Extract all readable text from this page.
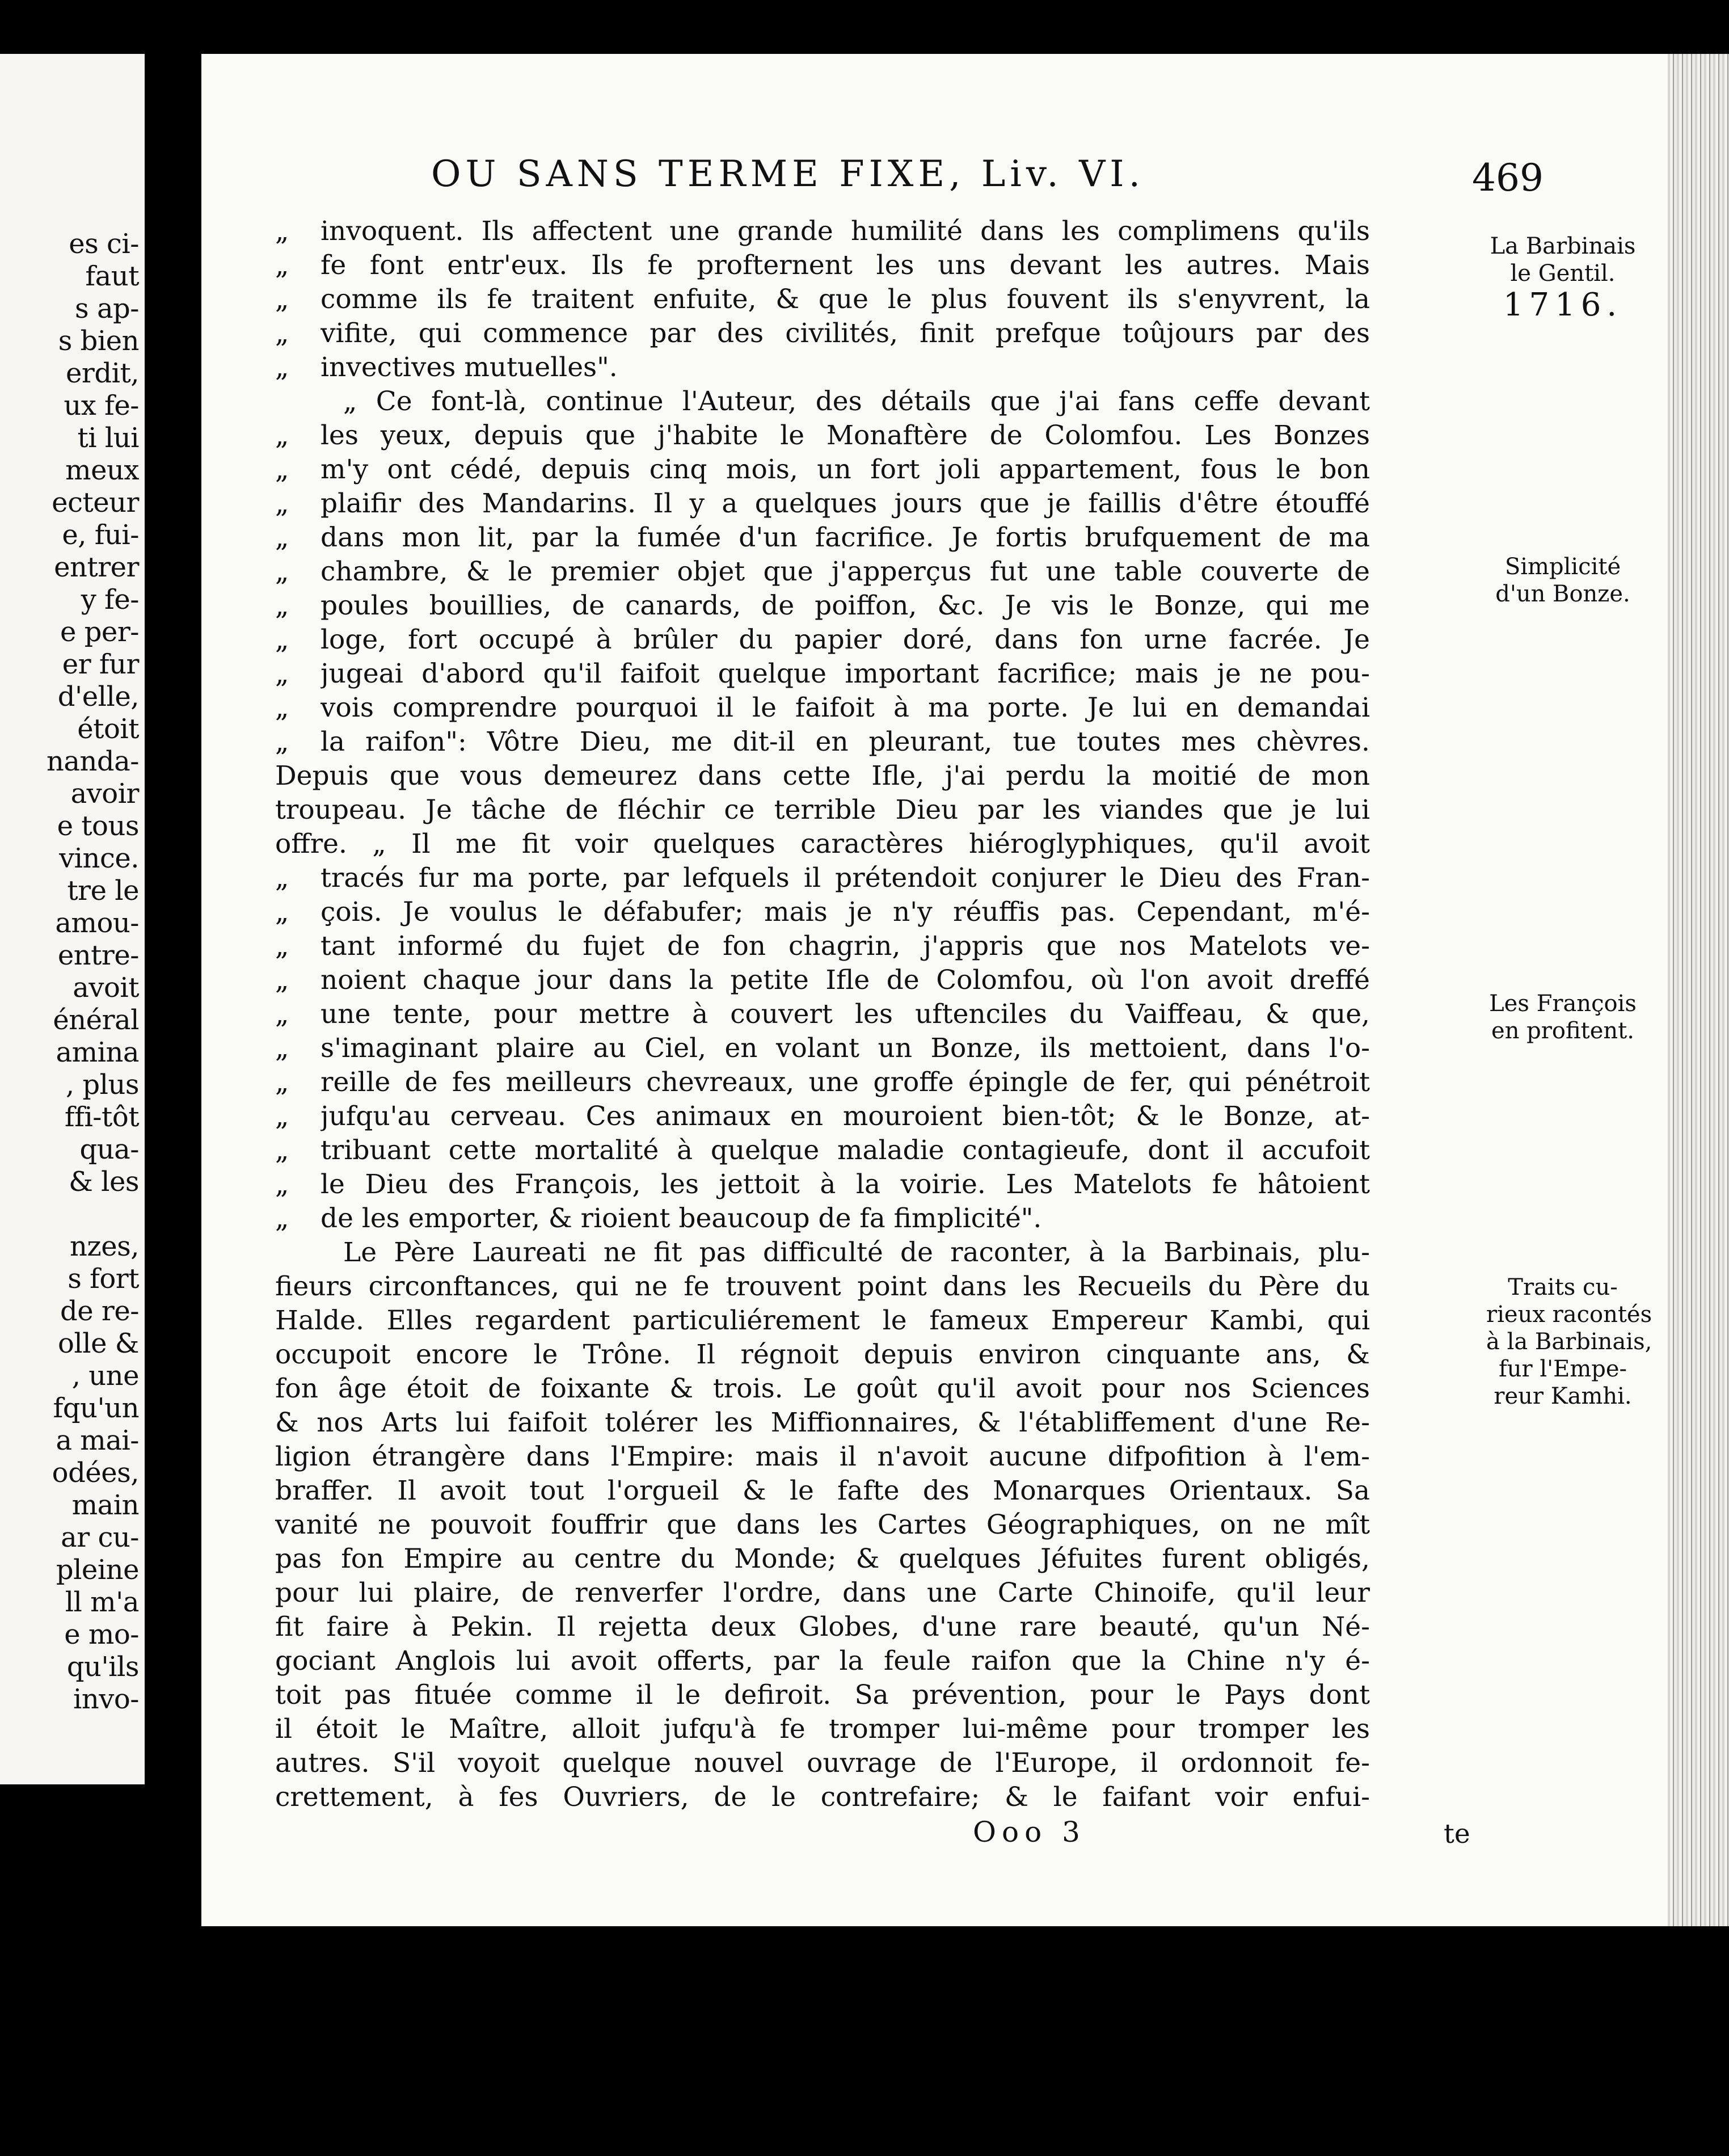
es ci-
faut
s ap-
s bien
erdit,
ux fe-
ti lui
meux
ecteur
e, fui-
entrer
y fe-
e per-
er fur
d'elle,
étoit
nanda-
avoir
e tous
vince.
tre le
amou-
entre-
avoit
énéral
amina
, plus
ffi-tôt
qua-
& les
nzes,
s fort
de re-
olle &
, une
fqu'un
a mai-
odées,
main
ar cu-
pleine
ll m'a
e mo-
qu'ils
invo-
OU SANS TERME FIXE, Liv. VI.	469
„	invoquent. Ils affectent une grande humilité dans les complimens qu'ils
„	fe font entr'eux. Ils fe profternent les uns devant les autres. Mais
„	comme ils fe traitent enfuite, & que le plus fouvent ils s'enyvrent, la
„	vifite, qui commence par des civilités, finit prefque toûjours par des
„	invectives mutuelles".
„ Ce font-là, continue l'Auteur, des détails que j'ai fans ceffe devant
„	les yeux, depuis que j'habite le Monaftère de Colomfou. Les Bonzes
„	m'y ont cédé, depuis cinq mois, un fort joli appartement, fous le bon
„	plaifir des Mandarins. Il y a quelques jours que je faillis d'être étouffé
„	dans mon lit, par la fumée d'un facrifice. Je fortis brufquement de ma
„	chambre, & le premier objet que j'apperçus fut une table couverte de
„	poules bouillies, de canards, de poiffon, &c. Je vis le Bonze, qui me
„	loge, fort occupé à brûler du papier doré, dans fon urne facrée. Je
„	jugeai d'abord qu'il faifoit quelque important facrifice; mais je ne pou-
„	vois comprendre pourquoi il le faifoit à ma porte. Je lui en demandai
„	la raifon": Vôtre Dieu, me dit-il en pleurant, tue toutes mes chèvres.
Depuis que vous demeurez dans cette Ifle, j'ai perdu la moitié de mon
troupeau. Je tâche de fléchir ce terrible Dieu par les viandes que je lui
offre. „ Il me fit voir quelques caractères hiéroglyphiques, qu'il avoit
„	tracés fur ma porte, par lefquels il prétendoit conjurer le Dieu des Fran-
„	çois. Je voulus le défabufer; mais je n'y réuffis pas. Cependant, m'é-
„	tant informé du fujet de fon chagrin, j'appris que nos Matelots ve-
„	noient chaque jour dans la petite Ifle de Colomfou, où l'on avoit dreffé
„	une tente, pour mettre à couvert les uftenciles du Vaiffeau, & que,
„	s'imaginant plaire au Ciel, en volant un Bonze, ils mettoient, dans l'o-
„	reille de fes meilleurs chevreaux, une groffe épingle de fer, qui pénétroit
„	jufqu'au cerveau. Ces animaux en mouroient bien-tôt; & le Bonze, at-
„	tribuant cette mortalité à quelque maladie contagieufe, dont il accufoit
„	le Dieu des François, les jettoit à la voirie. Les Matelots fe hâtoient
„	de les emporter, & rioient beaucoup de fa fimplicité".
Le Père Laureati ne fit pas difficulté de raconter, à la Barbinais, plu-
fieurs circonftances, qui ne fe trouvent point dans les Recueils du Père du
Halde. Elles regardent particuliérement le fameux Empereur Kambi, qui
occupoit encore le Trône. Il régnoit depuis environ cinquante ans, &
fon âge étoit de foixante & trois. Le goût qu'il avoit pour nos Sciences
& nos Arts lui faifoit tolérer les Miffionnaires, & l'établiffement d'une Re-
ligion étrangère dans l'Empire: mais il n'avoit aucune difpofition à l'em-
braffer. Il avoit tout l'orgueil & le fafte des Monarques Orientaux. Sa
vanité ne pouvoit fouffrir que dans les Cartes Géographiques, on ne mît
pas fon Empire au centre du Monde; & quelques Jéfuites furent obligés,
pour lui plaire, de renverfer l'ordre, dans une Carte Chinoife, qu'il leur
fit faire à Pekin. Il rejetta deux Globes, d'une rare beauté, qu'un Né-
gociant Anglois lui avoit offerts, par la feule raifon que la Chine n'y é-
toit pas fituée comme il le defiroit. Sa prévention, pour le Pays dont
il étoit le Maître, alloit jufqu'à fe tromper lui-même pour tromper les
autres. S'il voyoit quelque nouvel ouvrage de l'Europe, il ordonnoit fe-
crettement, à fes Ouvriers, de le contrefaire; & le faifant voir enfui-
La Barbinais
le Gentil.
1716.
Simplicité
d'un Bonze.
Les François
en profitent.
Traits cu-
rieux racontés
à la Barbinais,
fur l'Empe-
reur Kamhi.
Ooo 3	te
